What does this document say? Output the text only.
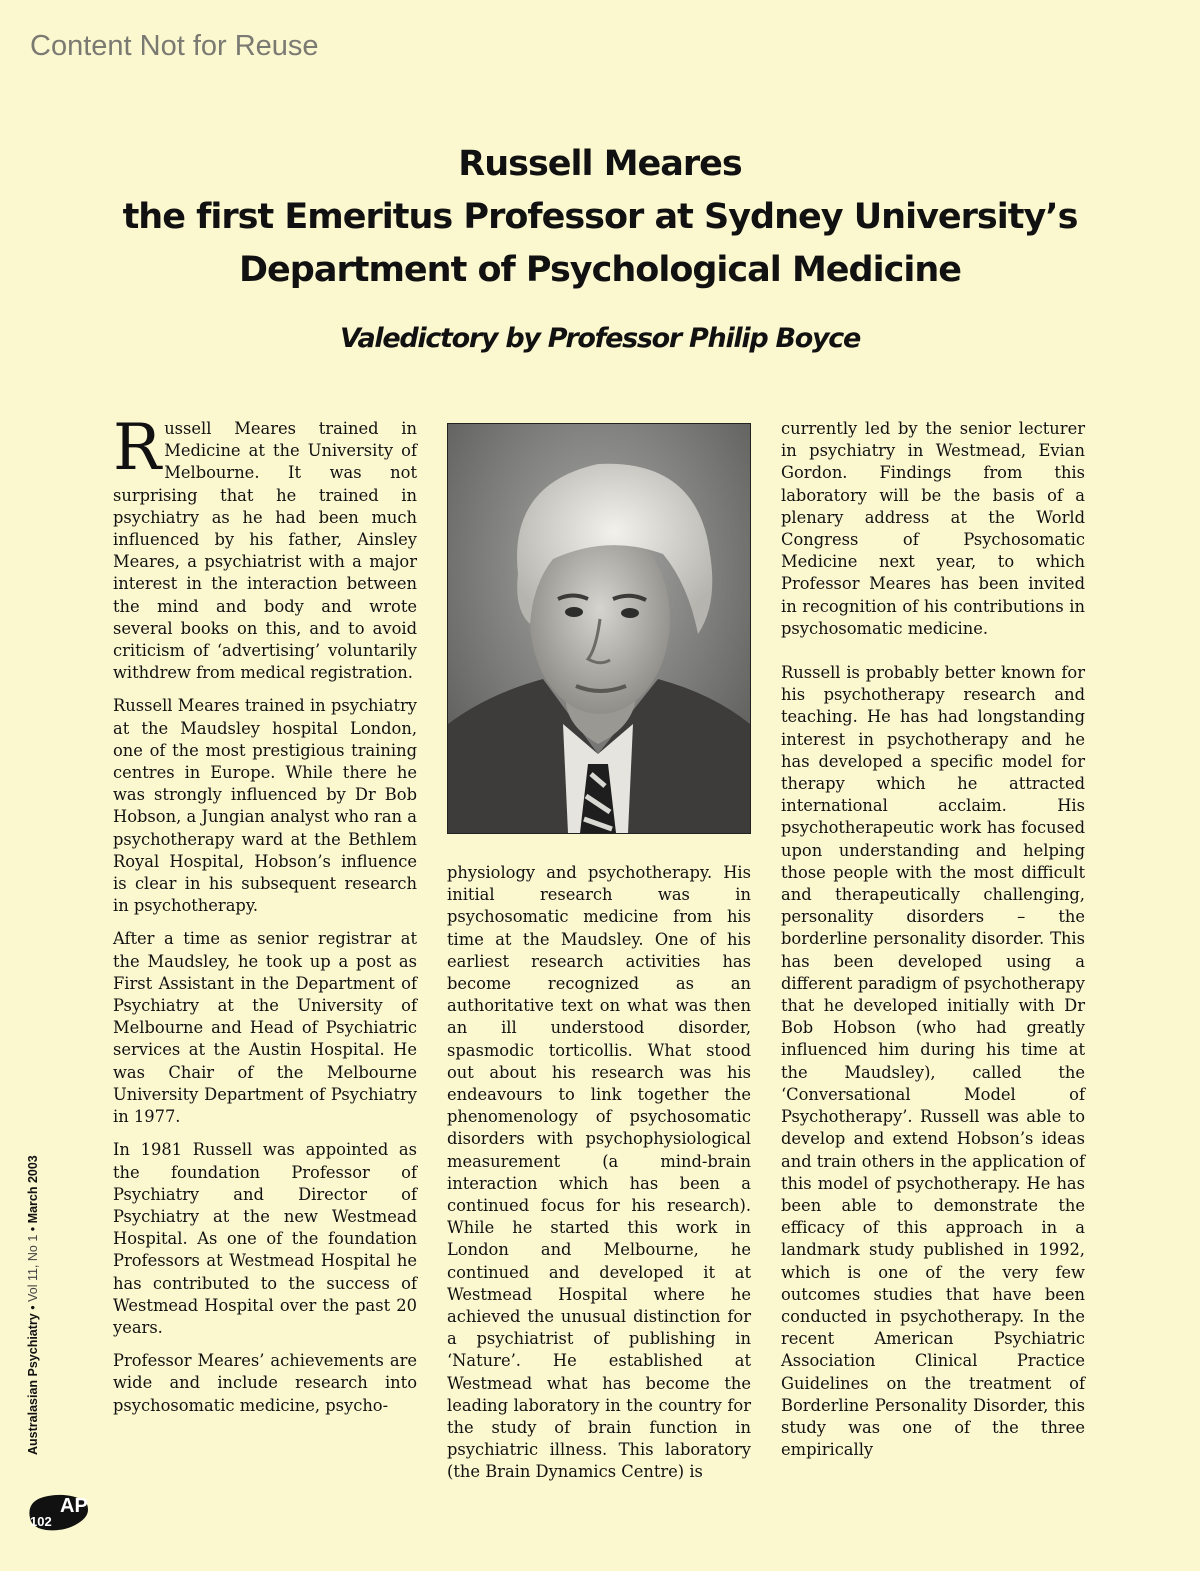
Content Not for Reuse
Russell Meares
the first Emeritus Professor at Sydney University’s
Department of Psychological Medicine
Valedictory by Professor Philip Boyce

Russell Meares trained in Medicine at the University of Melbourne. It was not surprising that he trained in psychiatry as he had been much influenced by his father, Ainsley Meares, a psychiatrist with a major interest in the interaction between the mind and body and wrote several books on this, and to avoid criticism of ‘advertising’ voluntarily withdrew from medical registration.

Russell Meares trained in psychiatry at the Maudsley hospital London, one of the most prestigious training centres in Europe. While there he was strongly influenced by Dr Bob Hobson, a Jungian analyst who ran a psychotherapy ward at the Bethlem Royal Hospital, Hobson’s influence is clear in his subsequent research in psychotherapy.

After a time as senior registrar at the Maudsley, he took up a post as First Assistant in the Department of Psychiatry at the University of Melbourne and Head of Psychiatric services at the Austin Hospital. He was Chair of the Melbourne University Department of Psychiatry in 1977.

In 1981 Russell was appointed as the foundation Professor of Psychiatry and Director of Psychiatry at the new Westmead Hospital. As one of the foundation Professors at Westmead Hospital he has contributed to the success of Westmead Hospital over the past 20 years.

Professor Meares’ achievements are wide and include research into psychosomatic medicine, psycho-

physiology and psychotherapy. His initial research was in psychosomatic medicine from his time at the Maudsley. One of his earliest research activities has become recognized as an authoritative text on what was then an ill understood disorder, spasmodic torticollis. What stood out about his research was his endeavours to link together the phenomenology of psychosomatic disorders with psychophysiological measurement (a mind-brain interaction which has been a continued focus for his research). While he started this work in London and Melbourne, he continued and developed it at Westmead Hospital where he achieved the unusual distinction for a psychiatrist of publishing in ‘Nature’. He established at Westmead what has become the leading laboratory in the country for the study of brain function in psychiatric illness. This laboratory (the Brain Dynamics Centre) is

currently led by the senior lecturer in psychiatry in Westmead, Evian Gordon. Findings from this laboratory will be the basis of a plenary address at the World Congress of Psychosomatic Medicine next year, to which Professor Meares has been invited in recognition of his contributions in psychosomatic medicine.

Russell is probably better known for his psychotherapy research and teaching. He has had longstanding interest in psychotherapy and he has developed a specific model for therapy which he attracted international acclaim. His psychotherapeutic work has focused upon understanding and helping those people with the most difficult and therapeutically challenging, personality disorders – the borderline personality disorder. This has been developed using a different paradigm of psychotherapy that he developed initially with Dr Bob Hobson (who had greatly influenced him during his time at the Maudsley), called the ‘Conversational Model of Psychotherapy’. Russell was able to develop and extend Hobson’s ideas and train others in the application of this model of psychotherapy. He has been able to demonstrate the efficacy of this approach in a landmark study published in 1992, which is one of the very few outcomes studies that have been conducted in psychotherapy. In the recent American Psychiatric Association Clinical Practice Guidelines on the treatment of Borderline Personality Disorder, this study was one of the three empirically

Australasian Psychiatry • Vol 11, No 1 • March 2003
AP
102
